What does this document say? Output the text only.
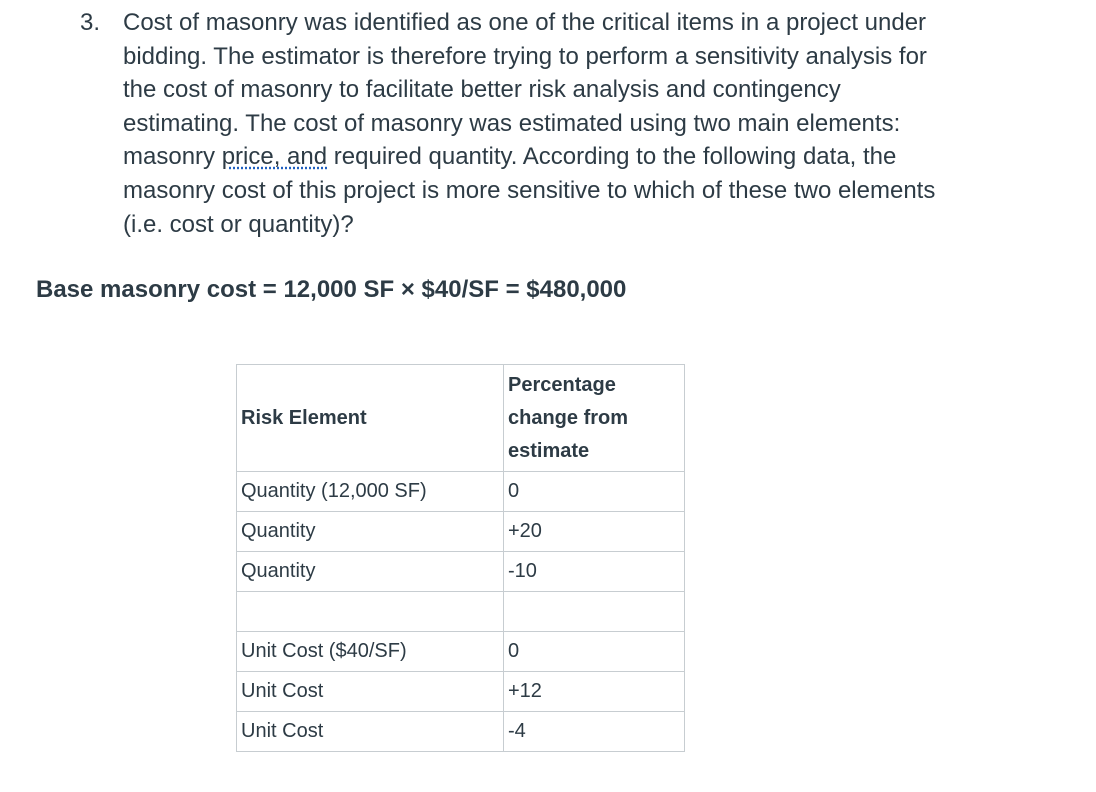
3. Cost of masonry was identified as one of the critical items in a project under
bidding. The estimator is therefore trying to perform a sensitivity analysis for
the cost of masonry to facilitate better risk analysis and contingency
estimating. The cost of masonry was estimated using two main elements:
masonry price, and required quantity. According to the following data, the
masonry cost of this project is more sensitive to which of these two elements
(i.e. cost or quantity)?
Base masonry cost = 12,000 SF × $40/SF = $480,000
Risk Element	Percentage
change from
estimate

Quantity (12,000 SF)	0
Quantity	+20
Quantity	-10

Unit Cost ($40/SF)	0
Unit Cost	+12
Unit Cost	-4
